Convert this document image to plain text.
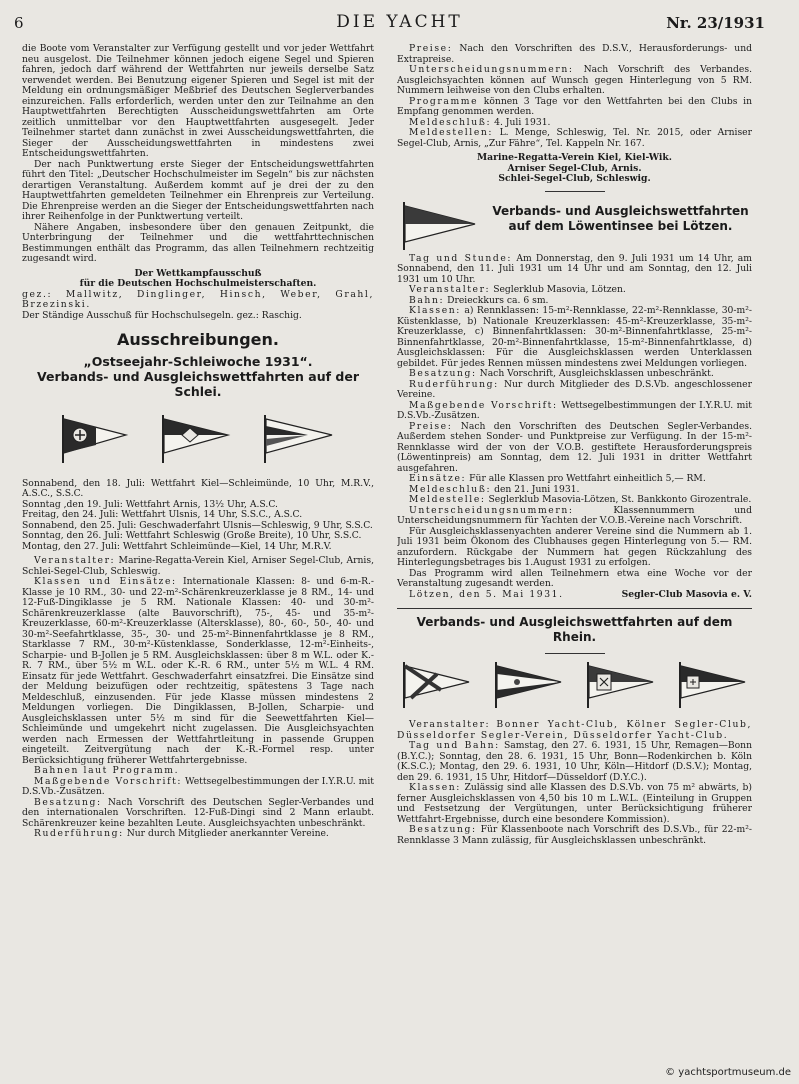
6	DIE YACHT	Nr. 23/1931

die Boote vom Veranstalter zur Verfügung gestellt und vor jeder Wettfahrt neu ausgelost. Die Teilnehmer können jedoch eigene Segel und Spieren fahren, jedoch darf während der Wettfahrten nur jeweils derselbe Satz verwendet werden. Bei Benutzung eigener Spieren und Segel ist mit der Meldung ein ordnungsmäßiger Meßbrief des Deutschen Seglerverbandes einzureichen. Falls erforderlich, werden unter den zur Teilnahme an den Hauptwettfahrten Berechtigten Ausscheidungswettfahrten am Orte zeitlich unmittelbar vor den Hauptwettfahrten ausgesegelt. Jeder Teilnehmer startet dann zunächst in zwei Ausscheidungswettfahrten, die Sieger der Ausscheidungswettfahrten in mindestens zwei Entscheidungswettfahrten.

Der nach Punktwertung erste Sieger der Entscheidungswettfahrten führt den Titel: „Deutscher Hochschulmeister im Segeln“ bis zur nächsten derartigen Veranstaltung. Außerdem kommt auf je drei der zu den Hauptwettfahrten gemeldeten Teilnehmer ein Ehrenpreis zur Verteilung. Die Ehrenpreise werden an die Sieger der Entscheidungswettfahrten nach ihrer Reihenfolge in der Punktwertung verteilt.

Nähere Angaben, insbesondere über den genauen Zeitpunkt, die Unterbringung der Teilnehmer und die wettfahrttechnischen Bestimmungen enthält das Programm, das allen Teilnehmern rechtzeitig zugesandt wird.

Der Wettkampfausschuß

für die Deutschen Hochschulmeisterschaften.

gez.: Mallwitz, Dinglinger, Hinsch, Weber, Grahl, Brzezinski.

Der Ständige Ausschuß für Hochschulsegeln. gez.: Raschig.

Ausschreibungen.
„Ostseejahr-Schleiwoche 1931“.
Verbands- und Ausgleichswettfahrten auf der Schlei.

Sonnabend, den 18. Juli: Wettfahrt Kiel—Schleimünde, 10 Uhr, M.R.V., A.S.C., S.S.C.

Sonntag ,den 19. Juli: Wettfahrt Arnis, 13½ Uhr, A.S.C.

Freitag, den 24. Juli: Wettfahrt Ulsnis, 14 Uhr, S.S.C., A.S.C.

Sonnabend, den 25. Juli: Geschwaderfahrt Ulsnis—Schleswig, 9 Uhr, S.S.C.

Sonntag, den 26. Juli: Wettfahrt Schleswig (Große Breite), 10 Uhr, S.S.C.

Montag, den 27. Juli: Wettfahrt Schleimünde—Kiel, 14 Uhr, M.R.V.

Veranstalter: Marine-Regatta-Verein Kiel, Arniser Segel-Club, Arnis, Schlei-Segel-Club, Schleswig.

Klassen und Einsätze: Internationale Klassen: 8- und 6-m-R.-Klasse je 10 RM., 30- und 22-m²-Schärenkreuzerklasse je 8 RM., 14- und 12-Fuß-Dingiklasse je 5 RM. Nationale Klassen: 40- und 30-m²-Schärenkreuzerklasse (alte Bauvorschrift), 75-, 45- und 35-m²-Kreuzerklasse, 60-m²-Kreuzerklasse (Altersklasse), 80-, 60-, 50-, 40- und 30-m²-Seefahrtklasse, 35-, 30- und 25-m²-Binnenfahrtklasse je 8 RM., Starklasse 7 RM., 30-m²-Küstenklasse, Sonderklasse, 12-m²-Einheits-, Scharpie- und B-Jollen je 5 RM. Ausgleichsklassen: über 8 m W.L. oder K.-R. 7 RM., über 5½ m W.L. oder K.-R. 6 RM., unter 5½ m W.L. 4 RM. Einsatz für jede Wettfahrt. Geschwaderfahrt einsatzfrei. Die Einsätze sind der Meldung beizufügen oder rechtzeitig, spätestens 3 Tage nach Meldeschluß, einzusenden. Für jede Klasse müssen mindestens 2 Meldungen vorliegen. Die Dingiklassen, B-Jollen, Scharpie- und Ausgleichsklassen unter 5½ m sind für die Seewettfahrten Kiel—Schleimünde und umgekehrt nicht zugelassen. Die Ausgleichsyachten werden nach Ermessen der Wettfahrtleitung in passende Gruppen eingeteilt. Zeitvergütung nach der K.-R.-Formel resp. unter Berücksichtigung früherer Wettfahrtergebnisse.

Bahnen laut Programm.

Maßgebende Vorschrift: Wettsegelbestimmungen der I.Y.R.U. mit D.S.Vb.-Zusätzen.

Besatzung: Nach Vorschrift des Deutschen Segler-Verbandes und den internationalen Vorschriften. 12-Fuß-Dingi sind 2 Mann erlaubt. Schärenkreuzer keine bezahlten Leute. Ausgleichsyachten unbeschränkt.

Ruderführung: Nur durch Mitglieder anerkannter Vereine.

Preise: Nach den Vorschriften des D.S.V., Herausforderungs- und Extrapreise.

Unterscheidungsnummern: Nach Vorschrift des Verbandes. Ausgleichsyachten können auf Wunsch gegen Hinterlegung von 5 RM. Nummern leihweise von den Clubs erhalten.

Programme können 3 Tage vor den Wettfahrten bei den Clubs in Empfang genommen werden.

Meldeschluß: 4. Juli 1931.

Meldestellen: L. Menge, Schleswig, Tel. Nr. 2015, oder Arniser Segel-Club, Arnis, „Zur Fähre“, Tel. Kappeln Nr. 167.

Marine-Regatta-Verein Kiel, Kiel-Wik.

Arniser Segel-Club, Arnis.

Schlei-Segel-Club, Schleswig.

Verbands- und Ausgleichswettfahrten auf dem Löwentinsee bei Lötzen.

Tag und Stunde: Am Donnerstag, den 9. Juli 1931 um 14 Uhr, am Sonnabend, den 11. Juli 1931 um 14 Uhr und am Sonntag, den 12. Juli 1931 um 10 Uhr.

Veranstalter: Seglerklub Masovia, Lötzen.

Bahn: Dreieckkurs ca. 6 sm.

Klassen: a) Rennklassen: 15-m²-Rennklasse, 22-m²-Rennklasse, 30-m²-Küstenklasse, b) Nationale Kreuzerklassen: 45-m²-Kreuzerklasse, 35-m²-Kreuzerklasse, c) Binnenfahrtklassen: 30-m²-Binnenfahrtklasse, 25-m²-Binnenfahrtklasse, 20-m²-Binnenfahrtklasse, 15-m²-Binnenfahrtklasse, d) Ausgleichsklassen: Für die Ausgleichsklassen werden Unterklassen gebildet. Für jedes Rennen müssen mindestens zwei Meldungen vorliegen.

Besatzung: Nach Vorschrift, Ausgleichsklassen unbeschränkt.

Ruderführung: Nur durch Mitglieder des D.S.Vb. angeschlossener Vereine.

Maßgebende Vorschrift: Wettsegelbestimmungen der I.Y.R.U. mit D.S.Vb.-Zusätzen.

Preise: Nach den Vorschriften des Deutschen Segler-Verbandes. Außerdem stehen Sonder- und Punktpreise zur Verfügung. In der 15-m²-Rennklasse wird der von der V.O.B. gestiftete Herausforderungspreis (Löwentinpreis) am Sonntag, dem 12. Juli 1931 in dritter Wettfahrt ausgefahren.

Einsätze: Für alle Klassen pro Wettfahrt einheitlich 5,— RM.

Meldeschluß: den 21. Juni 1931.

Meldestelle: Seglerklub Masovia-Lötzen, St. Bankkonto Girozentrale.

Unterscheidungsnummern:	Klassennummern und Unterscheidungsnummern für Yachten der V.O.B.-Vereine nach Vorschrift.

Für Ausgleichsklassenyachten anderer Vereine sind die Nummern ab 1. Juli 1931 beim Ökonom des Clubhauses gegen Hinterlegung von 5.— RM. anzufordern. Rückgabe der Nummern hat gegen Rückzahlung des Hinterlegungsbetrages bis 1.August 1931 zu erfolgen.

Das Programm wird allen Teilnehmern etwa eine Woche vor der Veranstaltung zugesandt werden.

Lötzen, den 5. Mai 1931.	Segler-Club Masovia e. V.

Verbands- und Ausgleichswettfahrten auf dem Rhein.

Veranstalter: Bonner Yacht-Club, Kölner Segler-Club, Düsseldorfer Segler-Verein, Düsseldorfer Yacht-Club.

Tag und Bahn: Samstag, den 27. 6. 1931, 15 Uhr, Remagen—Bonn (B.Y.C.); Sonntag, den 28. 6. 1931, 15 Uhr, Bonn—Rodenkirchen b. Köln (K.S.C.); Montag, den 29. 6. 1931, 10 Uhr, Köln—Hitdorf (D.S.V.); Montag, den 29. 6. 1931, 15 Uhr, Hitdorf—Düsseldorf (D.Y.C.).

Klassen: Zulässig sind alle Klassen des D.S.Vb. von 75 m² abwärts, b) ferner Ausgleichsklassen von 4,50 bis 10 m L.W.L. (Einteilung in Gruppen und Festsetzung der Vergütungen, unter Berücksichtigung früherer Wettfahrt-Ergebnisse, durch eine besondere Kommission).

Besatzung: Für Klassenboote nach Vorschrift des D.S.Vb., für 22-m²-Rennklasse 3 Mann zulässig, für Ausgleichsklassen unbeschränkt.

© yachtsportmuseum.de
